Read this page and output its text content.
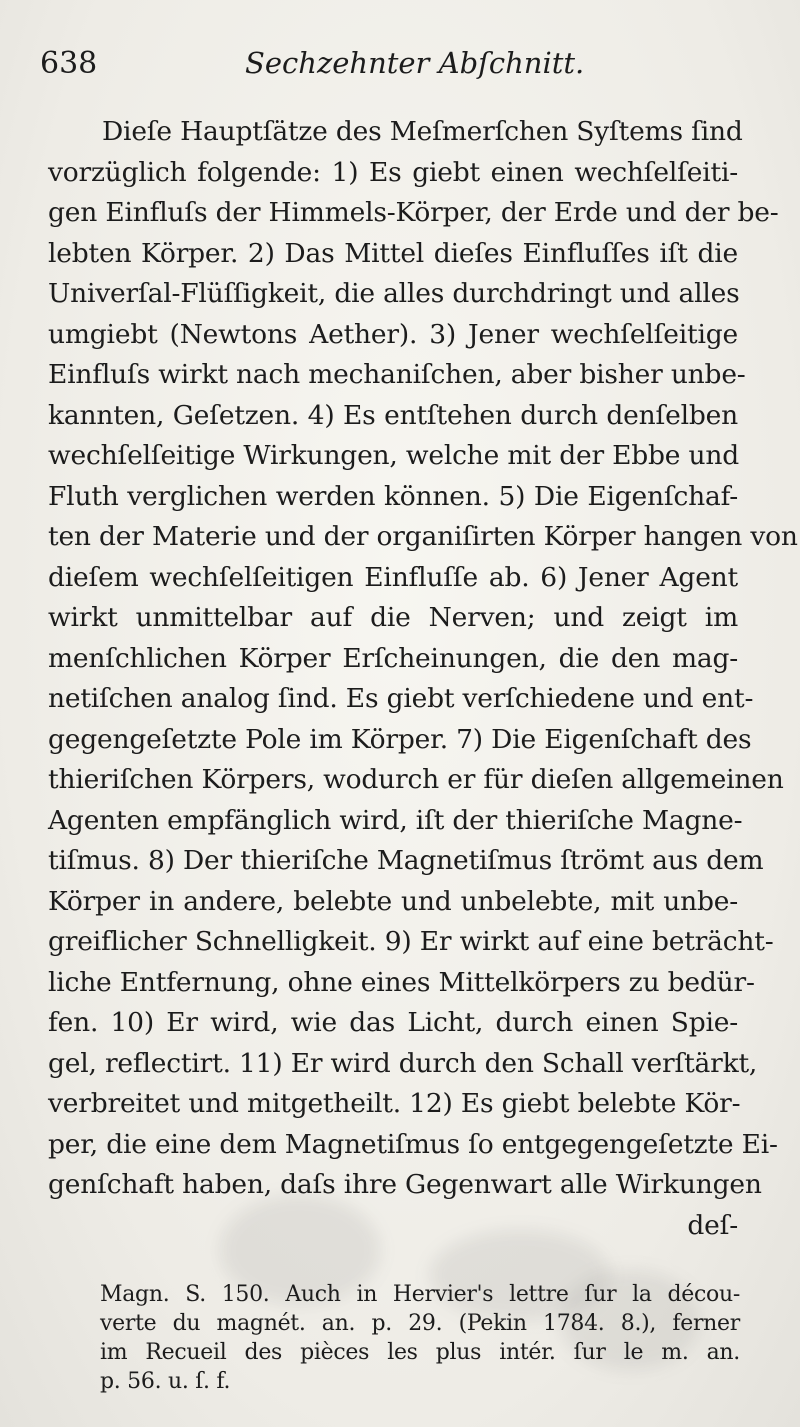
638	Sechzehnter Abſchnitt.
Dieſe Hauptſätze des Meſmerſchen Syſtems ſind
vorzüglich folgende: 1) Es giebt einen wechſelſeiti-
gen Einfluſs der Himmels-Körper, der Erde und der be-
lebten Körper. 2) Das Mittel dieſes Einfluſſes iſt die
Univerſal-Flüſſigkeit, die alles durchdringt und alles
umgiebt (Newtons Aether). 3) Jener wechſelſeitige
Einfluſs wirkt nach mechaniſchen, aber bisher unbe-
kannten, Geſetzen. 4) Es entſtehen durch denſelben
wechſelſeitige Wirkungen, welche mit der Ebbe und
Fluth verglichen werden können. 5) Die Eigenſchaf-
ten der Materie und der organiſirten Körper hangen von
dieſem wechſelſeitigen Einfluſſe ab. 6) Jener Agent
wirkt unmittelbar auf die Nerven; und zeigt im
menſchlichen Körper Erſcheinungen, die den mag-
netiſchen analog ſind. Es giebt verſchiedene und ent-
gegengeſetzte Pole im Körper. 7) Die Eigenſchaft des
thieriſchen Körpers, wodurch er für dieſen allgemeinen
Agenten empfänglich wird, iſt der thieriſche Magne-
tiſmus. 8) Der thieriſche Magnetiſmus ſtrömt aus dem
Körper in andere, belebte und unbelebte, mit unbe-
greiflicher Schnelligkeit. 9) Er wirkt auf eine beträcht-
liche Entfernung, ohne eines Mittelkörpers zu bedür-
fen. 10) Er wird, wie das Licht, durch einen Spie-
gel, reflectirt. 11) Er wird durch den Schall verſtärkt,
verbreitet und mitgetheilt. 12) Es giebt belebte Kör-
per, die eine dem Magnetiſmus ſo entgegengeſetzte Ei-
genſchaft haben, daſs ihre Gegenwart alle Wirkungen
deſ-
Magn. S. 150. Auch in Hervier's lettre ſur la décou-
verte du magnét. an. p. 29. (Pekin 1784. 8.), ferner
im Recueil des pièces les plus intér. ſur le m. an.
p. 56. u. ſ. f.
